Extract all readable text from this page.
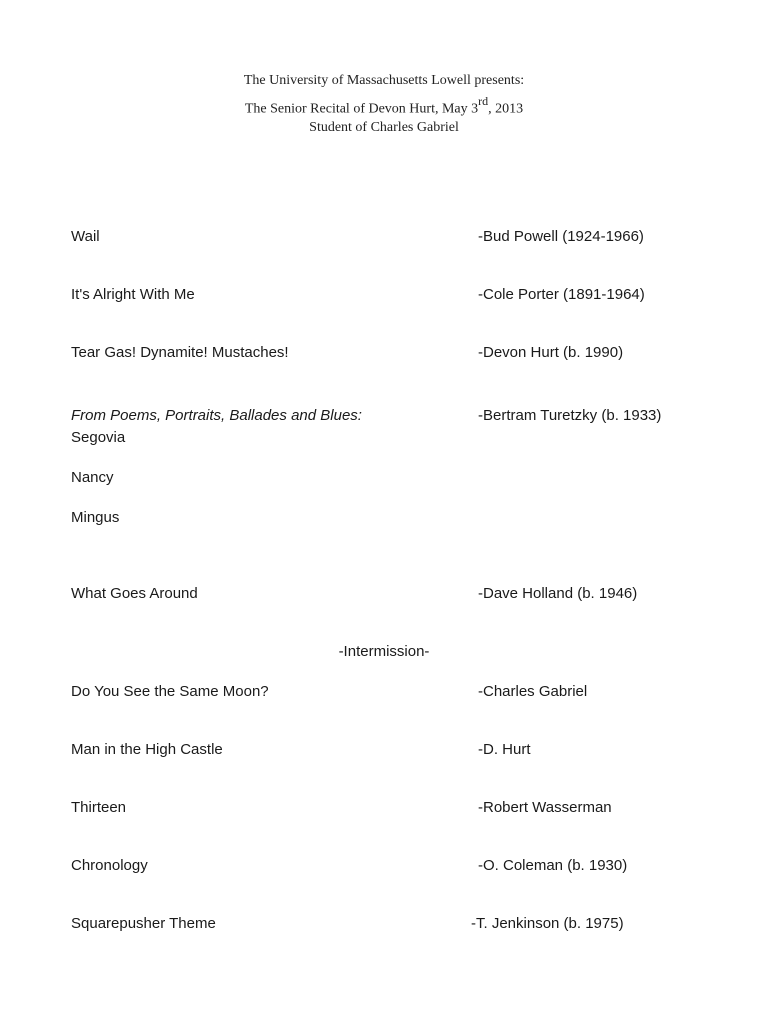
The University of Massachusetts Lowell presents:
The Senior Recital of Devon Hurt, May 3rd, 2013
Student of Charles Gabriel
Wail	-Bud Powell (1924-1966)
It's Alright With Me	-Cole Porter (1891-1964)
Tear Gas! Dynamite! Mustaches!	-Devon Hurt (b. 1990)
From Poems, Portraits, Ballades and Blues:	-Bertram Turetzky (b. 1933)
Segovia
Nancy
Mingus
What Goes Around	-Dave Holland (b. 1946)
-Intermission-
Do You See the Same Moon?	-Charles Gabriel
Man in the High Castle	-D. Hurt
Thirteen	-Robert Wasserman
Chronology	-O. Coleman (b. 1930)
Squarepusher Theme	-T. Jenkinson (b. 1975)
